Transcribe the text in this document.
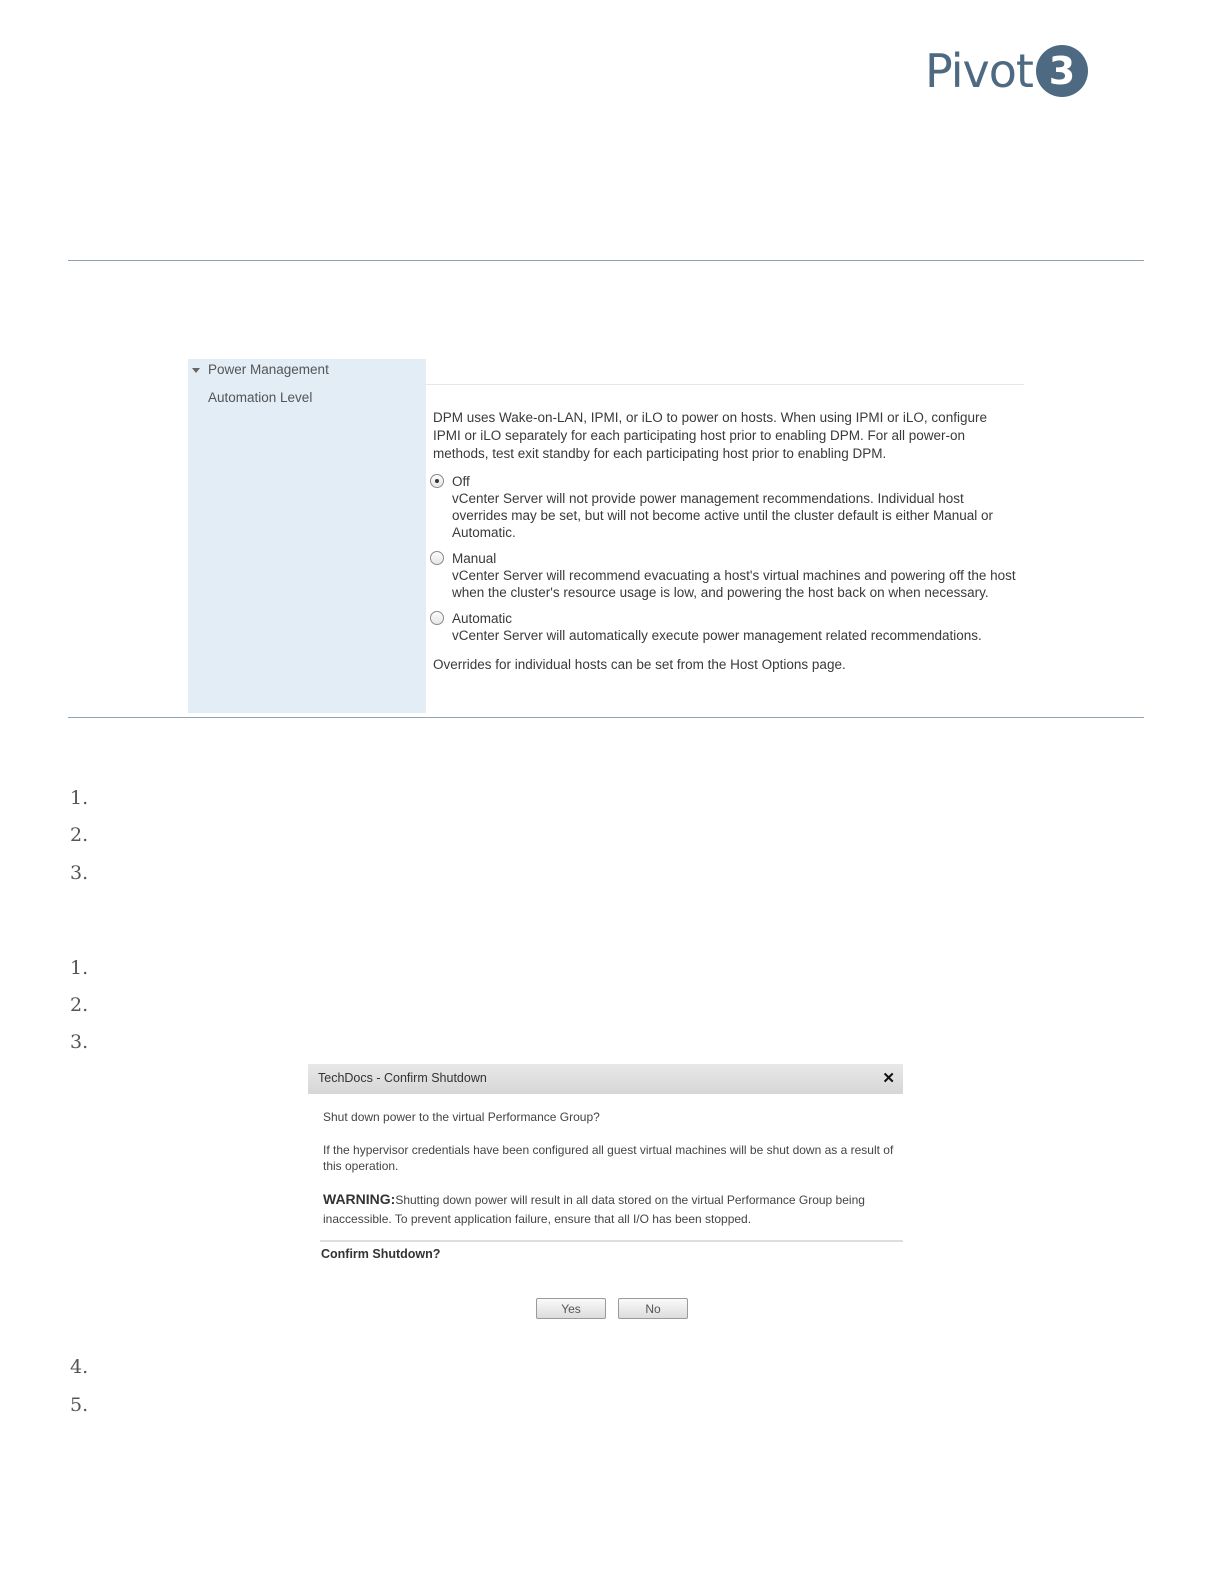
Pivot 3
Power Management
Automation Level

DPM uses Wake-on-LAN, IPMI, or iLO to power on hosts. When using IPMI or iLO, configure IPMI or iLO separately for each participating host prior to enabling DPM. For all power-on methods, test exit standby for each participating host prior to enabling DPM.

Off
vCenter Server will not provide power management recommendations. Individual host overrides may be set, but will not become active until the cluster default is either Manual or Automatic.
Manual
vCenter Server will recommend evacuating a host's virtual machines and powering off the host when the cluster's resource usage is low, and powering the host back on when necessary.
Automatic
vCenter Server will automatically execute power management related recommendations.
Overrides for individual hosts can be set from the Host Options page.
1.
2.
3.
1.
2.
3.
TechDocs - Confirm Shutdown	✕
Shut down power to the virtual Performance Group?
If the hypervisor credentials have been configured all guest virtual machines will be shut down as a result of this operation.
WARNING:Shutting down power will result in all data stored on the virtual Performance Group being inaccessible. To prevent application failure, ensure that all I/O has been stopped.
Confirm Shutdown?
Yes	No
4.
5.
